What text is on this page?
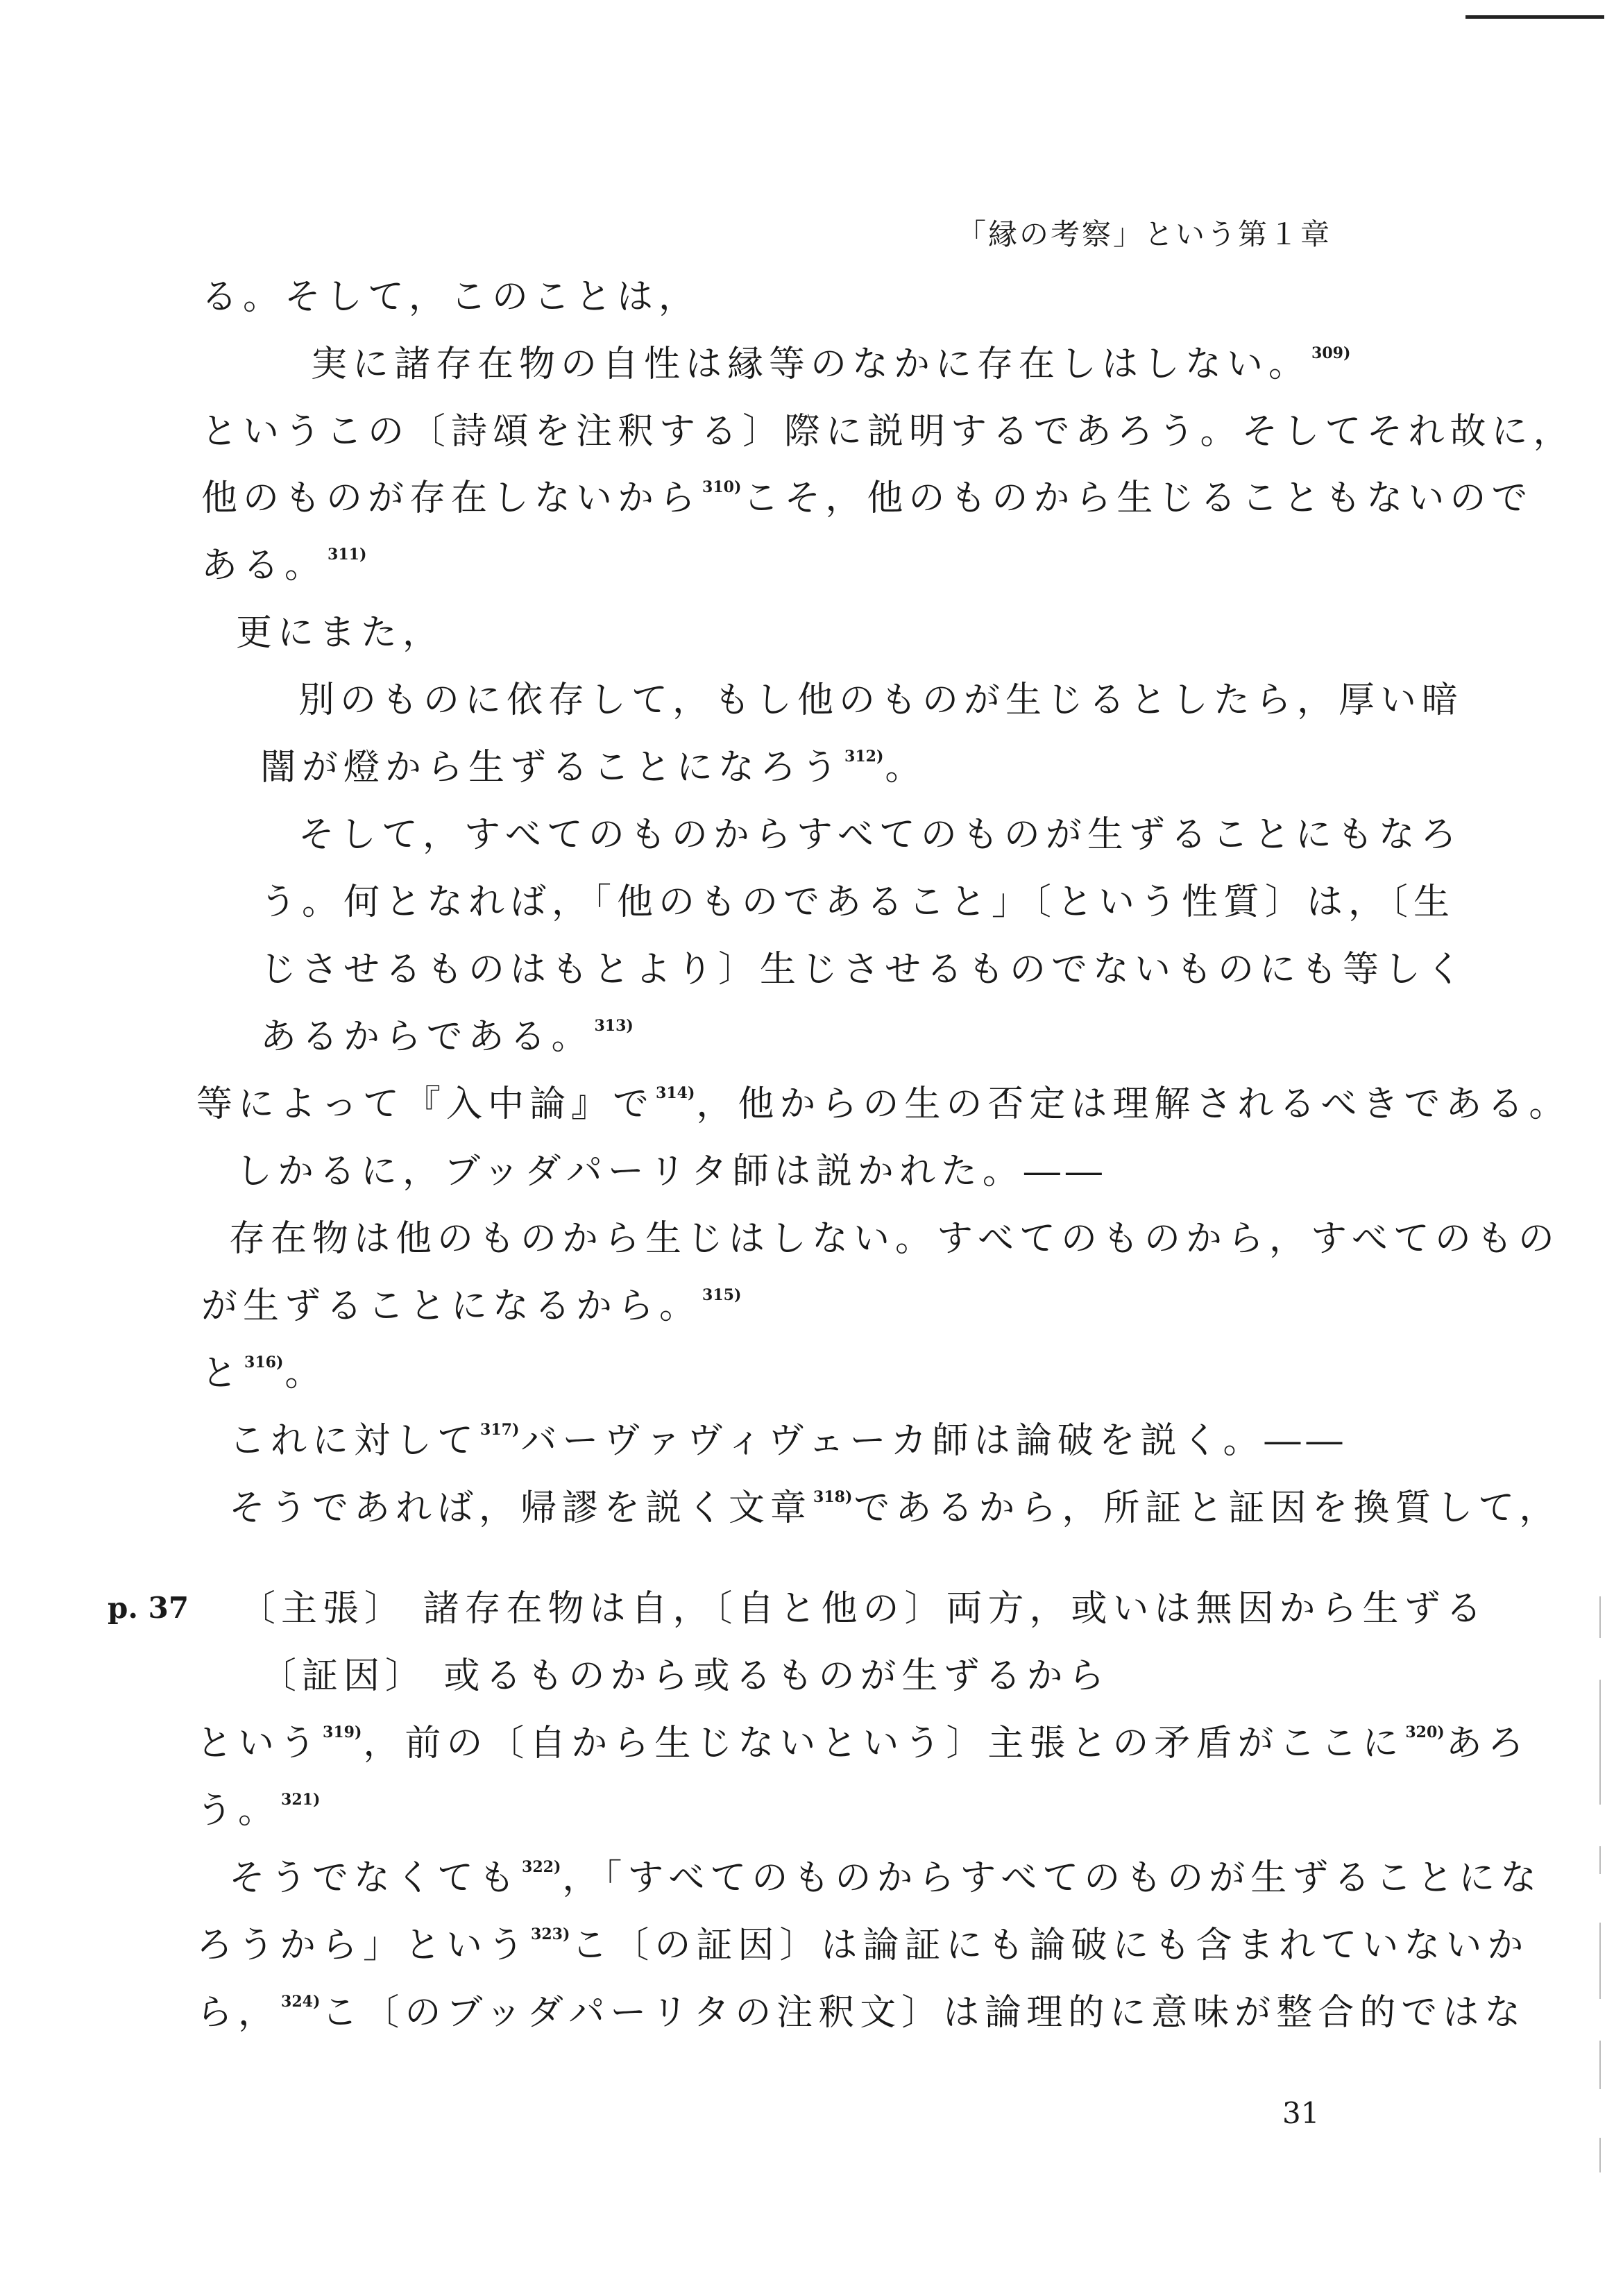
「縁の考察」という第１章
る。そして，このことは，
実に諸存在物の自性は縁等のなかに存在しはしない。$^{309)}$
というこの〔詩頌を注釈する〕際に説明するであろう。そしてそれ故に，
他のものが存在しないから$^{310)}$こそ，他のものから生じることもないので
ある。$^{311)}$
更にまた，
別のものに依存して，もし他のものが生じるとしたら，厚い暗
闇が燈から生ずることになろう$^{312)}$。
そして，すべてのものからすべてのものが生ずることにもなろ
う。何となれば，「他のものであること」〔という性質〕は，〔生
じさせるものはもとより〕生じさせるものでないものにも等しく
あるからである。$^{313)}$
等によって『入中論』で$^{314)}$，他からの生の否定は理解されるべきである。
しかるに，ブッダパーリタ師は説かれた。――
存在物は他のものから生じはしない。すべてのものから，すべてのもの
が生ずることになるから。$^{315)}$
と$^{316)}$。
これに対して$^{317)}$バーヴァヴィヴェーカ師は論破を説く。――
そうであれば，帰謬を説く文章$^{318)}$であるから，所証と証因を換質して，
〔主張〕 諸存在物は自，〔自と他の〕両方，或いは無因から生ずる
〔証因〕 或るものから或るものが生ずるから
という$^{319)}$，前の〔自から生じないという〕主張との矛盾がここに$^{320)}$あろ
う。$^{321)}$
そうでなくても$^{322)}$，「すべてのものからすべてのものが生ずることにな
ろうから」という$^{323)}$こ〔の証因〕は論証にも論破にも含まれていないか
ら，$^{324)}$こ〔のブッダパーリタの注釈文〕は論理的に意味が整合的ではな
p. 37
31
